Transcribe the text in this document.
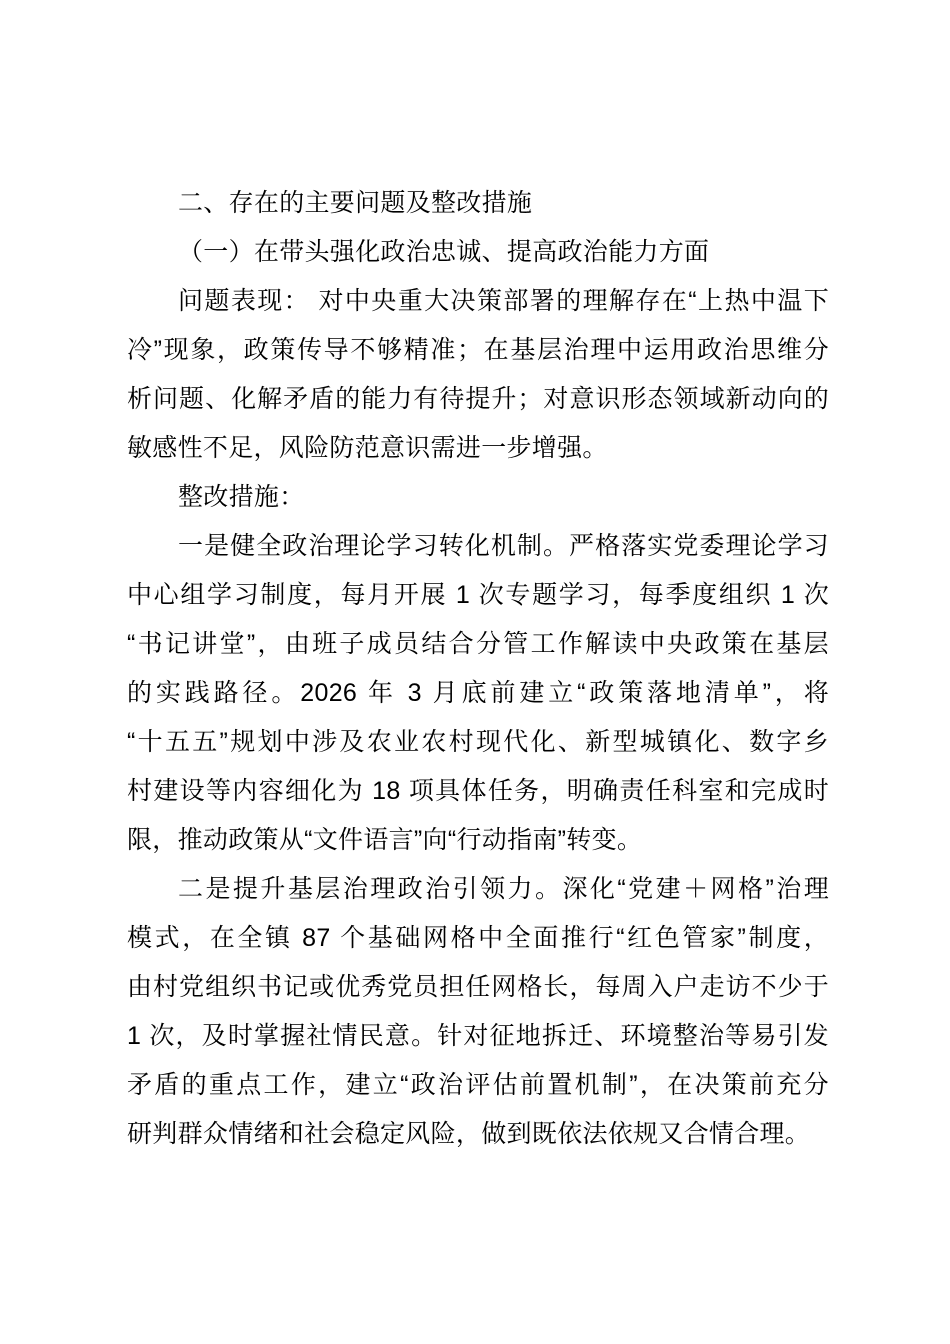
二、存在的主要问题及整改措施
（一）在带头强化政治忠诚、提高政治能力方面
问题表现： 对中央重大决策部署的理解存在“上热中温下
冷”现象，政策传导不够精准；在基层治理中运用政治思维分
析问题、化解矛盾的能力有待提升；对意识形态领域新动向的
敏感性不足，风险防范意识需进一步增强。
整改措施：
一是健全政治理论学习转化机制。严格落实党委理论学习
中心组学习制度，每月开展 1 次专题学习，每季度组织 1 次
“书记讲堂”，由班子成员结合分管工作解读中央政策在基层
的实践路径。2026 年 3 月底前建立“政策落地清单”，将
“十五五”规划中涉及农业农村现代化、新型城镇化、数字乡
村建设等内容细化为 18 项具体任务，明确责任科室和完成时
限，推动政策从“文件语言”向“行动指南”转变。
二是提升基层治理政治引领力。深化“党建＋网格”治理
模式，在全镇 87 个基础网格中全面推行“红色管家”制度，
由村党组织书记或优秀党员担任网格长，每周入户走访不少于
1 次，及时掌握社情民意。针对征地拆迁、环境整治等易引发
矛盾的重点工作，建立“政治评估前置机制”，在决策前充分
研判群众情绪和社会稳定风险，做到既依法依规又合情合理。
